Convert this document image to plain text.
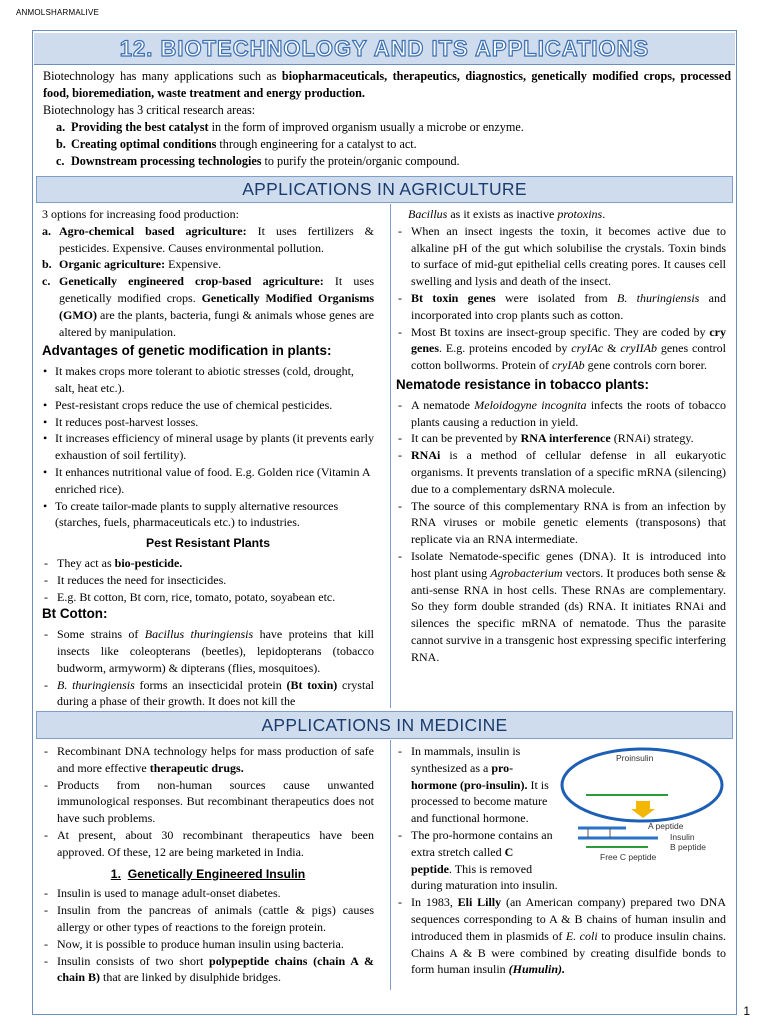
ANMOLSHARMALIVE
12. BIOTECHNOLOGY AND ITS APPLICATIONS

Biotechnology has many applications such as biopharmaceuticals, therapeutics, diagnostics, genetically modified crops, processed food, bioremediation, waste treatment and energy production.

Biotechnology has 3 critical research areas:

a. Providing the best catalyst in the form of improved organism usually a microbe or enzyme.
b. Creating optimal conditions through engineering for a catalyst to act.
c. Downstream processing technologies to purify the protein/organic compound.
APPLICATIONS IN AGRICULTURE

3 options for increasing food production:

a. Agro-chemical based agriculture: It uses fertilizers & pesticides. Expensive. Causes environmental pollution.
b. Organic agriculture: Expensive.
c. Genetically engineered crop-based agriculture: It uses genetically modified crops. Genetically Modified Organisms (GMO) are the plants, bacteria, fungi & animals whose genes are altered by manipulation.
Advantages of genetic modification in plants:
• It makes crops more tolerant to abiotic stresses (cold, drought, salt, heat etc.).
• Pest-resistant crops reduce the use of chemical pesticides.
• It reduces post-harvest losses.
• It increases efficiency of mineral usage by plants (it prevents early exhaustion of soil fertility).
• It enhances nutritional value of food. E.g. Golden rice (Vitamin A enriched rice).
• To create tailor-made plants to supply alternative resources (starches, fuels, pharmaceuticals etc.) to industries.
Pest Resistant Plants
- They act as bio-pesticide.
- It reduces the need for insecticides.
- E.g. Bt cotton, Bt corn, rice, tomato, potato, soyabean etc.
Bt Cotton:
- Some strains of Bacillus thuringiensis have proteins that kill insects like coleopterans (beetles), lepidopterans (tobacco budworm, armyworm) & dipterans (flies, mosquitoes).
- B. thuringiensis forms an insecticidal protein (Bt toxin) crystal during a phase of their growth. It does not kill the

Bacillus as it exists as inactive protoxins.

- When an insect ingests the toxin, it becomes active due to alkaline pH of the gut which solubilise the crystals. Toxin binds to surface of mid-gut epithelial cells creating pores. It causes cell swelling and lysis and death of the insect.
- Bt toxin genes were isolated from B. thuringiensis and incorporated into crop plants such as cotton.
- Most Bt toxins are insect-group specific. They are coded by cry genes. E.g. proteins encoded by cryIAc & cryIIAb genes control cotton bollworms. Protein of cryIAb gene controls corn borer.
Nematode resistance in tobacco plants:
- A nematode Meloidogyne incognita infects the roots of tobacco plants causing a reduction in yield.
- It can be prevented by RNA interference (RNAi) strategy.
- RNAi is a method of cellular defense in all eukaryotic organisms. It prevents translation of a specific mRNA (silencing) due to a complementary dsRNA molecule.
- The source of this complementary RNA is from an infection by RNA viruses or mobile genetic elements (transposons) that replicate via an RNA intermediate.
- Isolate Nematode-specific genes (DNA). It is introduced into host plant using Agrobacterium vectors. It produces both sense & anti-sense RNA in host cells. These RNAs are complementary. So they form double stranded (ds) RNA. It initiates RNAi and silences the specific mRNA of nematode. Thus the parasite cannot survive in a transgenic host expressing specific interfering RNA.
APPLICATIONS IN MEDICINE
- Recombinant DNA technology helps for mass production of safe and more effective therapeutic drugs.
- Products from non-human sources cause unwanted immunological responses. But recombinant therapeutics does not have such problems.
- At present, about 30 recombinant therapeutics have been approved. Of these, 12 are being marketed in India.
1. Genetically Engineered Insulin
- Insulin is used to manage adult-onset diabetes.
- Insulin from the pancreas of animals (cattle & pigs) causes allergy or other types of reactions to the foreign protein.
- Now, it is possible to produce human insulin using bacteria.
- Insulin consists of two short polypeptide chains (chain A & chain B) that are linked by disulphide bridges.
- Proinsulin
A peptide
Insulin
B peptide
Free C peptide
In mammals, insulin is synthesized as a pro-hormone (pro-insulin). It is processed to become mature and functional hormone.
- The pro-hormone contains an extra stretch called C peptide. This is removed during maturation into insulin.
- In 1983, Eli Lilly (an American company) prepared two DNA sequences corresponding to A & B chains of human insulin and introduced them in plasmids of E. coli to produce insulin chains. Chains A & B were combined by creating disulfide bonds to form human insulin (Humulin).
1
